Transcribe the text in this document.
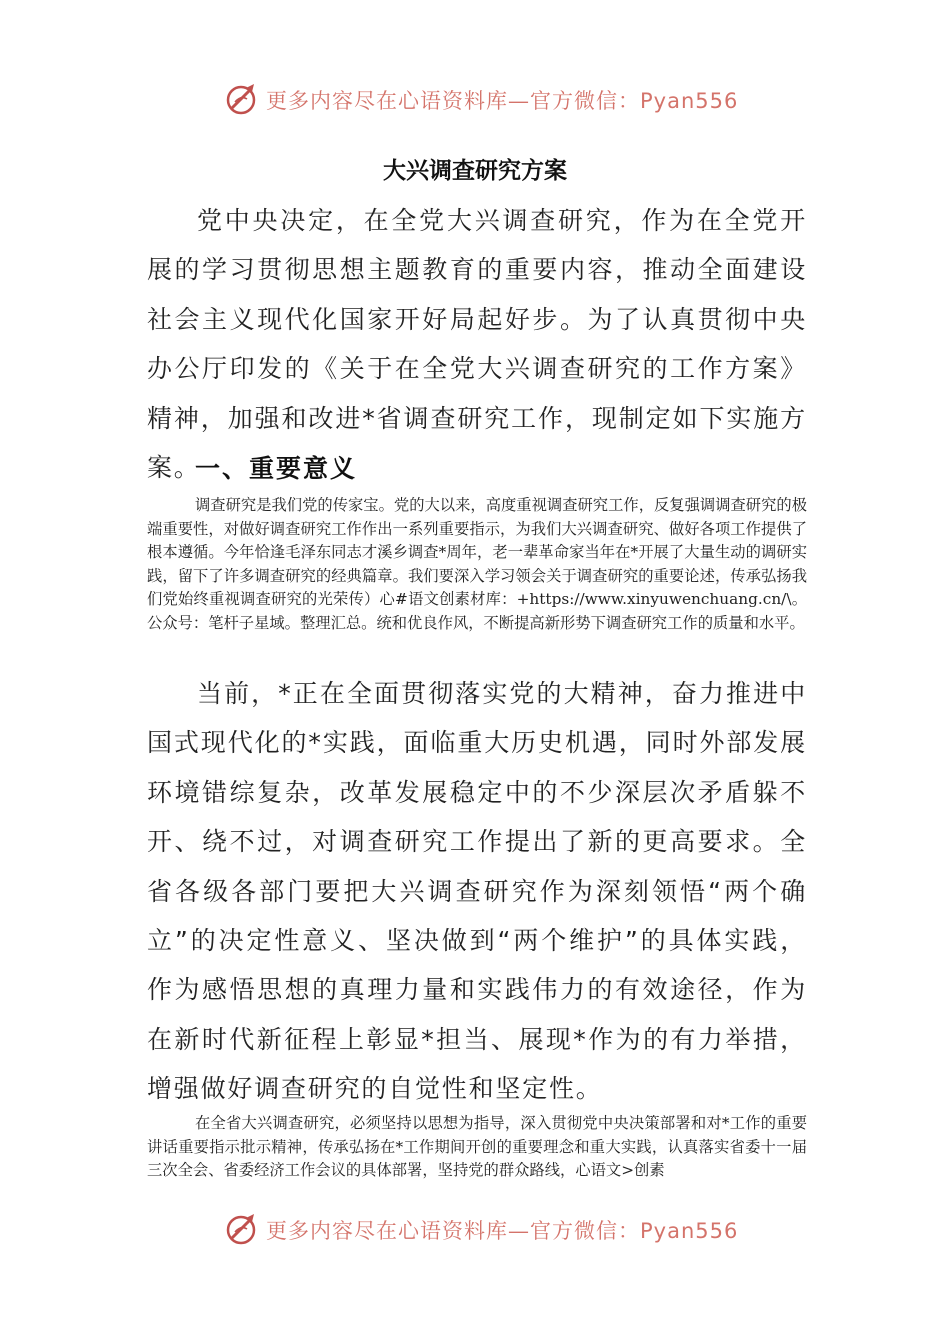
更多内容尽在心语资料库—官方微信：Pyan556
大兴调查研究方案

党中央决定，在全党大兴调查研究，作为在全党开展的学习贯彻思想主题教育的重要内容，推动全面建设社会主义现代化国家开好局起好步。为了认真贯彻中央办公厅印发的《关于在全党大兴调查研究的工作方案》精神，加强和改进*省调查研究工作，现制定如下实施方案。

一、重要意义

调查研究是我们党的传家宝。党的大以来，高度重视调查研究工作，反复强调调查研究的极端重要性，对做好调查研究工作作出一系列重要指示，为我们大兴调查研究、做好各项工作提供了根本遵循。今年恰逢毛泽东同志才溪乡调查*周年，老一辈革命家当年在*开展了大量生动的调研实践，留下了许多调查研究的经典篇章。我们要深入学习领会关于调查研究的重要论述，传承弘扬我们党始终重视调查研究的光荣传）心#语文创素材库：+https://www.xinyuwenchuang.cn/\。公众号：笔杆子星域。整理汇总。统和优良作风，不断提高新形势下调查研究工作的质量和水平。

当前，*正在全面贯彻落实党的大精神，奋力推进中国式现代化的*实践，面临重大历史机遇，同时外部发展环境错综复杂，改革发展稳定中的不少深层次矛盾躲不开、绕不过，对调查研究工作提出了新的更高要求。全省各级各部门要把大兴调查研究作为深刻领悟“两个确立”的决定性意义、坚决做到“两个维护”的具体实践，作为感悟思想的真理力量和实践伟力的有效途径，作为在新时代新征程上彰显*担当、展现*作为的有力举措，增强做好调查研究的自觉性和坚定性。

在全省大兴调查研究，必须坚持以思想为指导，深入贯彻党中央决策部署和对*工作的重要讲话重要指示批示精神，传承弘扬在*工作期间开创的重要理念和重大实践，认真落实省委十一届三次全会、省委经济工作会议的具体部署，坚持党的群众路线，心语文>创素

更多内容尽在心语资料库—官方微信：Pyan556
